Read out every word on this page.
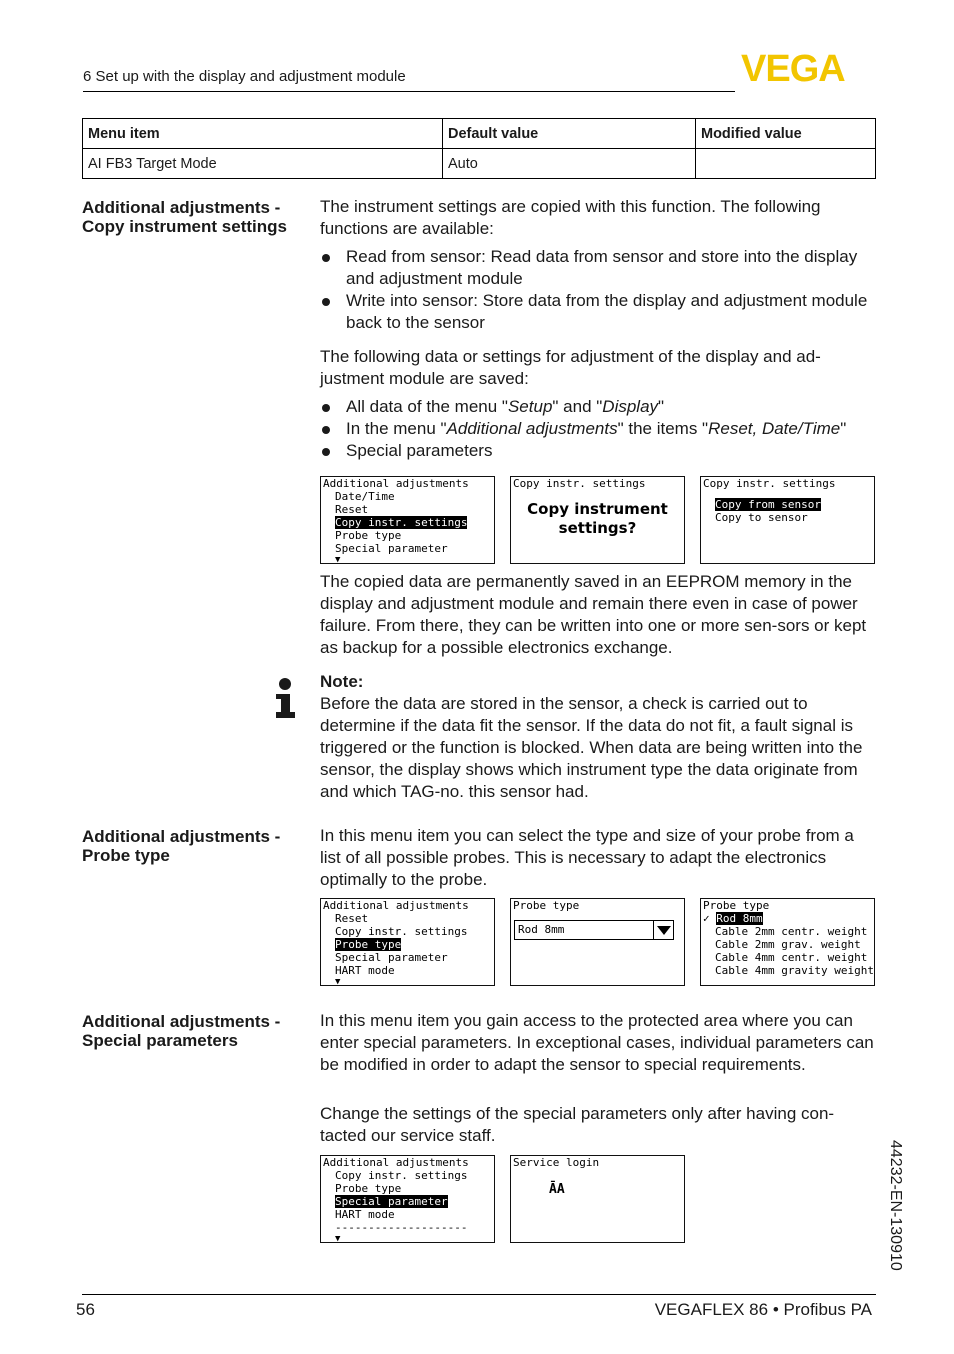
6 Set up with the display and adjustment module	VEGA
Menu item	Default value	Modified value
AI FB3 Target Mode	Auto	
Additional adjustments -
Copy instrument settings
The instrument settings are copied with this function. The following functions are available:
Read from sensor: Read data from sensor and store into the display and adjustment module
Write into sensor: Store data from the display and adjustment module back to the sensor
The following data or settings for adjustment of the display and ad-justment module are saved:
All data of the menu "Setup" and "Display"
In the menu "Additional adjustments" the items "Reset, Date/Time"
Special parameters
Additional adjustments
Date/Time
Reset
Copy instr. settings
Probe type
Special parameter
▼
Copy instr. settings
Copy instrument
settings?
Copy instr. settings
Copy from sensor
Copy to sensor
The copied data are permanently saved in an EEPROM memory in the display and adjustment module and remain there even in case of power failure. From there, they can be written into one or more sen-sors or kept as backup for a possible electronics exchange.
Note:
Before the data are stored in the sensor, a check is carried out to determine if the data fit the sensor. If the data do not fit, a fault signal is triggered or the function is blocked. When data are being written into the sensor, the display shows which instrument type the data originate from and which TAG-no. this sensor had.
Additional adjustments -
Probe type
In this menu item you can select the type and size of your probe from a list of all possible probes. This is necessary to adapt the electronics optimally to the probe.
Additional adjustments
Reset
Copy instr. settings
Probe type
Special parameter
HART mode
▼
Probe type
Rod 8mm
Probe type
✓ Rod 8mm
Cable 2mm centr. weight
Cable 2mm grav. weight
Cable 4mm centr. weight
Cable 4mm gravity weight
Additional adjustments -
Special parameters
In this menu item you gain access to the protected area where you can enter special parameters. In exceptional cases, individual parameters can be modified in order to adapt the sensor to special requirements.
Change the settings of the special parameters only after having con-tacted our service staff.
Additional adjustments
Copy instr. settings
Probe type
Special parameter
HART mode
--------------------
▼
Service login
ĀA	44232-EN-130910
56	VEGAFLEX 86 • Profibus PA
